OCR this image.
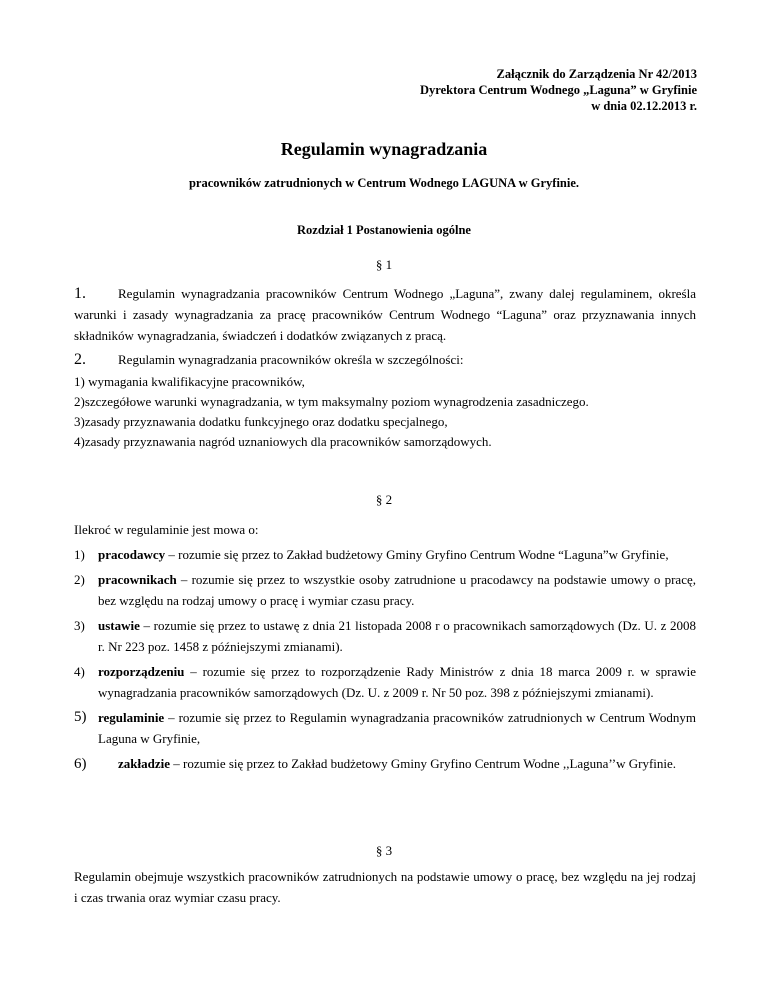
Załącznik do Zarządzenia Nr 42/2013
Dyrektora Centrum Wodnego „Laguna” w Gryfinie
w dnia 02.12.2013 r.
Regulamin wynagradzania
pracowników zatrudnionych w Centrum Wodnego LAGUNA w Gryfinie.
Rozdział 1 Postanowienia ogólne
§ 1
1. Regulamin wynagradzania pracowników Centrum Wodnego „Laguna”, zwany dalej regulaminem, określa warunki i zasady wynagradzania za pracę pracowników Centrum Wodnego “Laguna” oraz przyznawania innych składników wynagradzania, świadczeń i dodatków związanych z pracą.
2. Regulamin wynagradzania pracowników określa w szczególności:
1) wymagania kwalifikacyjne pracowników,
2)szczegółowe warunki wynagradzania, w tym maksymalny poziom wynagrodzenia zasadniczego.
3)zasady przyznawania dodatku funkcyjnego oraz dodatku specjalnego,
4)zasady przyznawania nagród uznaniowych dla pracowników samorządowych.
§ 2
Ilekroć w regulaminie jest mowa o:
1) pracodawcy – rozumie się przez to Zakład budżetowy Gminy Gryfino Centrum Wodne “Laguna”w Gryfinie,
2) pracownikach – rozumie się przez to wszystkie osoby zatrudnione u pracodawcy na podstawie umowy o pracę, bez względu na rodzaj umowy o pracę i wymiar czasu pracy.
3) ustawie – rozumie się przez to ustawę z dnia 21 listopada 2008 r o pracownikach samorządowych (Dz. U. z 2008 r. Nr 223 poz. 1458 z późniejszymi zmianami).
4) rozporządzeniu – rozumie się przez to rozporządzenie Rady Ministrów z dnia 18 marca 2009 r. w sprawie wynagradzania pracowników samorządowych (Dz. U. z 2009 r. Nr 50 poz. 398 z późniejszymi zmianami).
5) regulaminie – rozumie się przez to Regulamin wynagradzania pracowników zatrudnionych w Centrum Wodnym Laguna w Gryfinie,
6) zakładzie – rozumie się przez to Zakład budżetowy Gminy Gryfino Centrum Wodne ,,Laguna’’w Gryfinie.
§ 3
Regulamin obejmuje wszystkich pracowników zatrudnionych na podstawie umowy o pracę, bez względu na jej rodzaj i czas trwania oraz wymiar czasu pracy.
